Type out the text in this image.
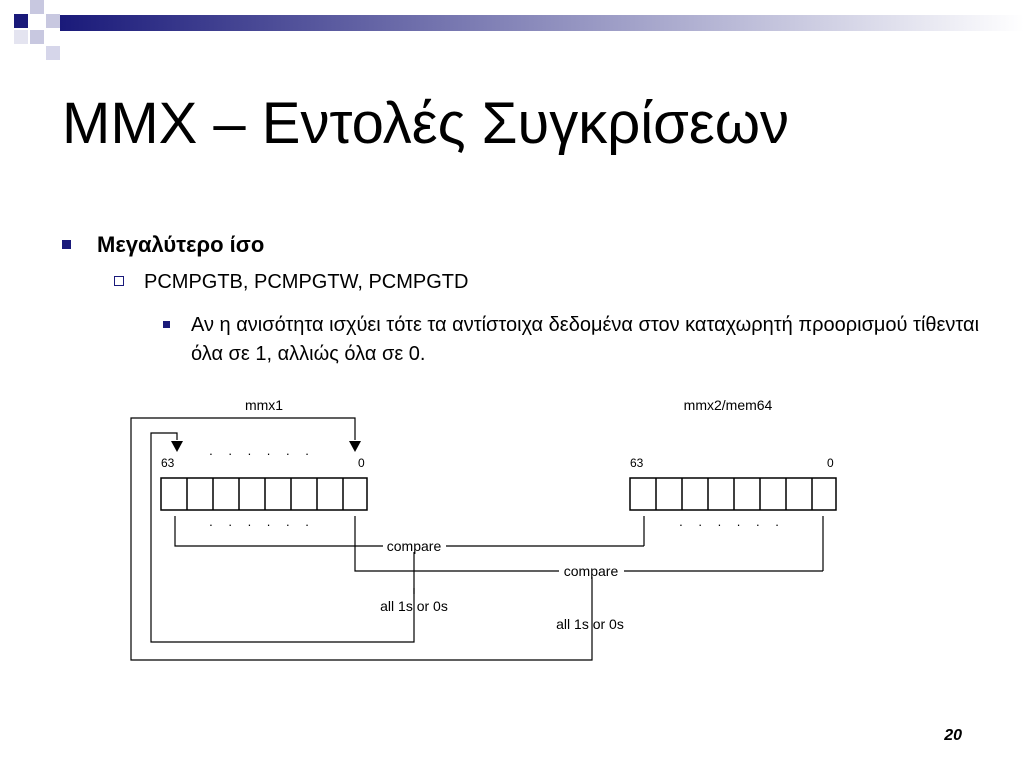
MMX – Εντολές Συγκρίσεων
Μεγαλύτερο ίσο
PCMPGTB, PCMPGTW, PCMPGTD
Αν η ανισότητα ισχύει τότε τα αντίστοιχα δεδομένα στον καταχωρητή προορισμού τίθενται όλα σε 1, αλλιώς όλα σε 0.
mmx1	mmx2/mem64
63	0	63	0
. . . . . .
. . . . . .	. . . . . .
compare
compare
all 1s or 0s
all 1s or 0s
20
